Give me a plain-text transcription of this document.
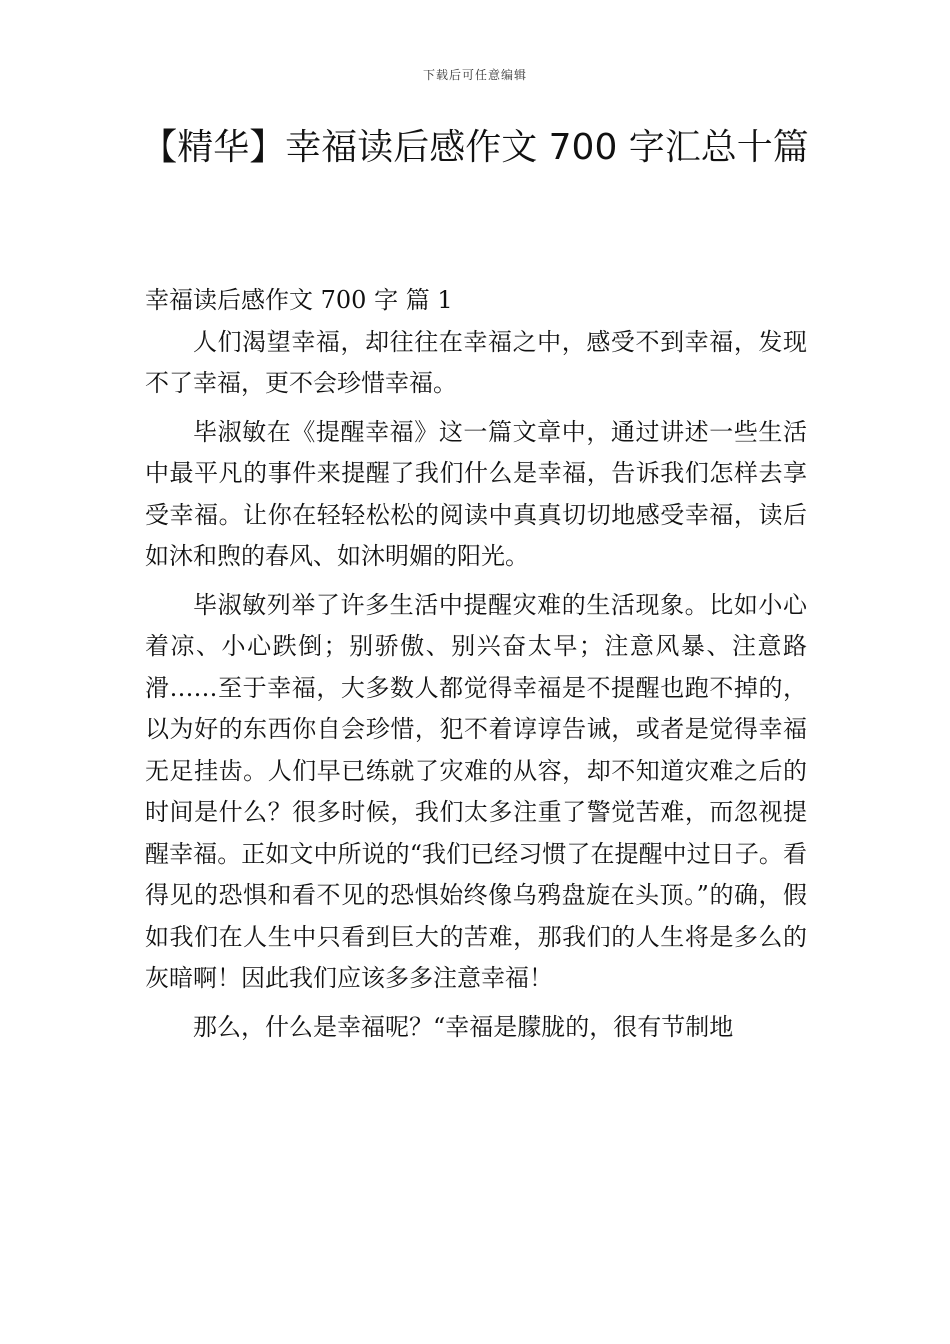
下载后可任意编辑
【精华】幸福读后感作文 700 字汇总十篇
幸福读后感作文 700 字 篇 1

人们渴望幸福，却往往在幸福之中，感受不到幸福，发现不了幸福，更不会珍惜幸福。

毕淑敏在《提醒幸福》这一篇文章中，通过讲述一些生活中最平凡的事件来提醒了我们什么是幸福，告诉我们怎样去享受幸福。让你在轻轻松松的阅读中真真切切地感受幸福，读后如沐和煦的春风、如沐明媚的阳光。

毕淑敏列举了许多生活中提醒灾难的生活现象。比如小心着凉、小心跌倒；别骄傲、别兴奋太早；注意风暴、注意路滑……至于幸福，大多数人都觉得幸福是不提醒也跑不掉的，以为好的东西你自会珍惜，犯不着谆谆告诫，或者是觉得幸福无足挂齿。人们早已练就了灾难的从容，却不知道灾难之后的时间是什么？很多时候，我们太多注重了警觉苦难，而忽视提醒幸福。正如文中所说的“我们已经习惯了在提醒中过日子。看得见的恐惧和看不见的恐惧始终像乌鸦盘旋在头顶。”的确，假如我们在人生中只看到巨大的苦难，那我们的人生将是多么的灰暗啊！因此我们应该多多注意幸福！

那么，什么是幸福呢？“幸福是朦胧的，很有节制地
